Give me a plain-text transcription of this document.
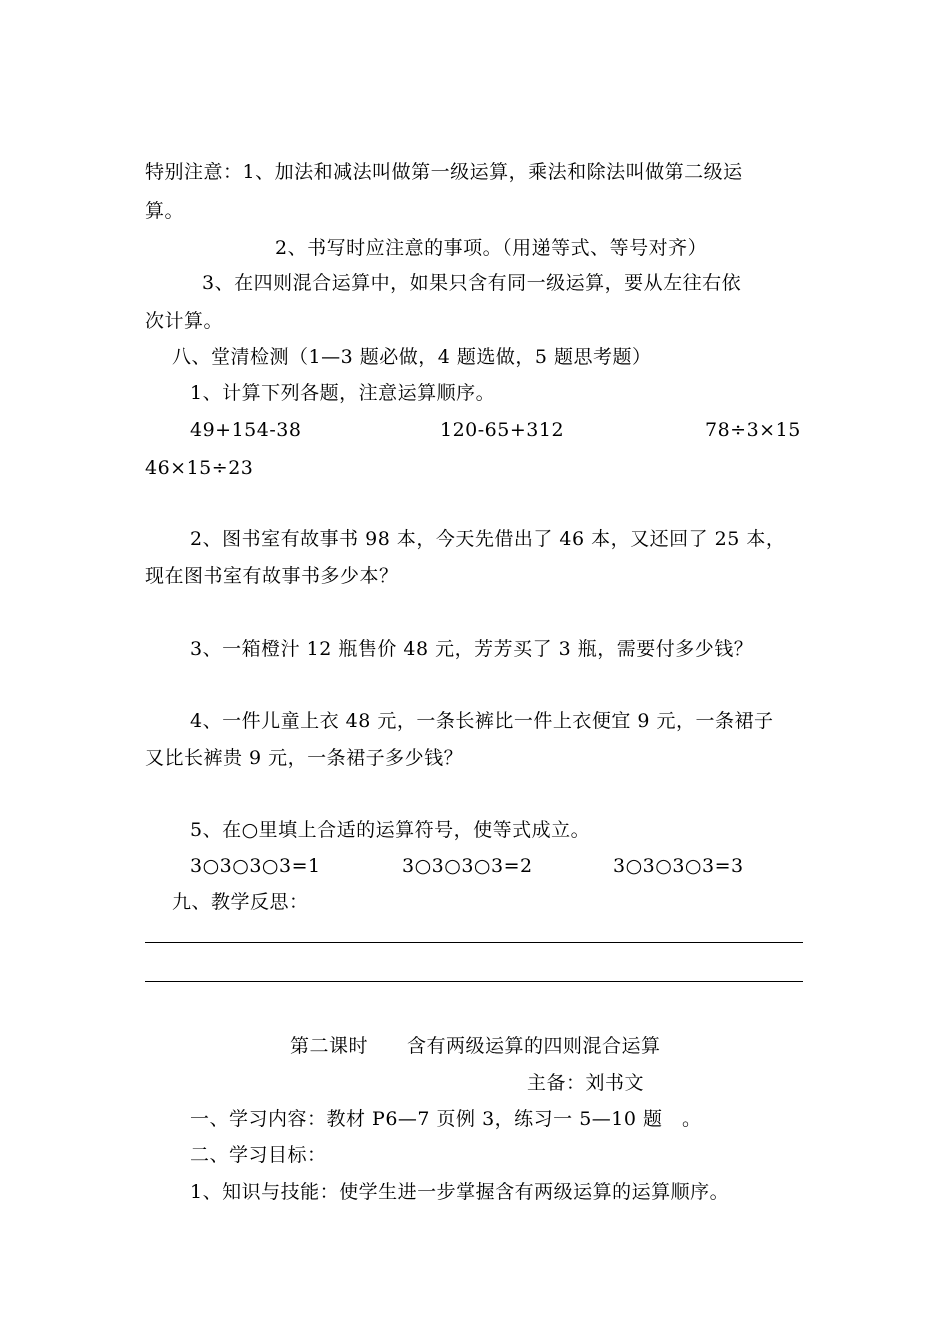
特别注意：1、加法和减法叫做第一级运算，乘法和除法叫做第二级运
算。
2、书写时应注意的事项。（用递等式、等号对齐）
3、在四则混合运算中，如果只含有同一级运算，要从左往右依
次计算。
八、堂清检测（1—3 题必做，4 题选做，5 题思考题）
1、计算下列各题，注意运算顺序。
49+154-38	120-65+312	78÷3×15
46×15÷23
2、图书室有故事书 98 本，今天先借出了 46 本，又还回了 25 本，
现在图书室有故事书多少本？
3、一箱橙汁 12 瓶售价 48 元，芳芳买了 3 瓶，需要付多少钱？
4、一件儿童上衣 48 元，一条长裤比一件上衣便宜 9 元，一条裙子
又比长裤贵 9 元，一条裙子多少钱？
5、在○里填上合适的运算符号，使等式成立。
3○3○3○3=1	3○3○3○3=2	3○3○3○3=3
九、教学反思：
第二课时　　含有两级运算的四则混合运算
主备：刘书文
一、学习内容：教材 P6—7 页例 3，练习一 5—10 题　。
二、学习目标：
1、知识与技能：使学生进一步掌握含有两级运算的运算顺序。
